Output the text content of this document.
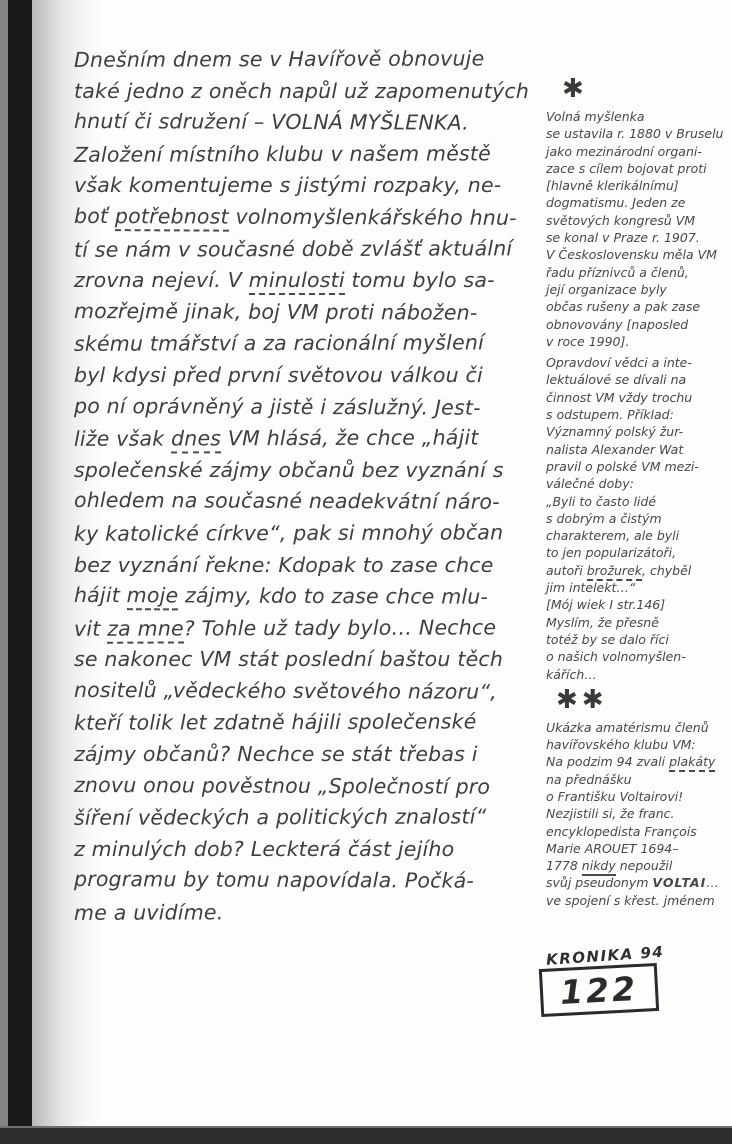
Dnešním dnem se v Havířově obnovuje
také jedno z oněch napůl už zapomenutých
hnutí či sdružení – VOLNÁ MYŠLENKA.
Založení místního klubu v našem městě
však komentujeme s jistými rozpaky, ne-
boť potřebnost volnomyšlenkářského hnu-
tí se nám v současné době zvlášť aktuální
zrovna nejeví. V minulosti tomu bylo sa-
mozřejmě jinak, boj VM proti nábožen-
skému tmářství a za racionální myšlení
byl kdysi před první světovou válkou či
po ní oprávněný a jistě i záslužný. Jest-
liže však dnes VM hlásá, že chce „hájit
společenské zájmy občanů bez vyznání s
ohledem na současné neadekvátní náro-
ky katolické církve“, pak si mnohý občan
bez vyznání řekne: Kdopak to zase chce
hájit moje zájmy, kdo to zase chce mlu-
vit za mne? Tohle už tady bylo… Nechce
se nakonec VM stát poslední baštou těch
nositelů „vědeckého světového názoru“,
kteří tolik let zdatně hájili společenské
zájmy občanů? Nechce se stát třebas i
znovu onou pověstnou „Společností pro
šíření vědeckých a politických znalostí“
z minulých dob? Leckterá část jejího
programu by tomu napovídala. Počká-
me a uvidíme.
✱
Volná myšlenka
se ustavila r. 1880 v Bruselu
jako mezinárodní organi-
zace s cílem bojovat proti
[hlavně klerikálnímu]
dogmatismu. Jeden ze
světových kongresů VM
se konal v Praze r. 1907.
V Československu měla VM
řadu příznivců a členů,
její organizace byly
občas rušeny a pak zase
obnovovány [naposled
v roce 1990].
Opravdoví vědci a inte-
lektuálové se dívali na
činnost VM vždy trochu
s odstupem. Příklad:
Významný polský žur-
nalista Alexander Wat
pravil o polské VM mezi-
válečné doby:
„Byli to často lidé
s dobrým a čistým
charakterem, ale byli
to jen popularizátoři,
autoři brožurek, chyběl
jim intelekt…“
[Mój wiek I str.146]
Myslím, že přesně
totéž by se dalo říci
o našich volnomyšlen-
kářích…
✱✱
Ukázka amatérismu členů
havířovského klubu VM:
Na podzim 94 zvali plakáty
na přednášku
o Františku Voltairovi!
Nezjistili si, že franc.
encyklopedista François
Marie AROUET 1694–
1778 nikdy nepoužil
svůj pseudonym VOLTAI…
ve spojení s křest. jménem
KRONIKA 94
122
